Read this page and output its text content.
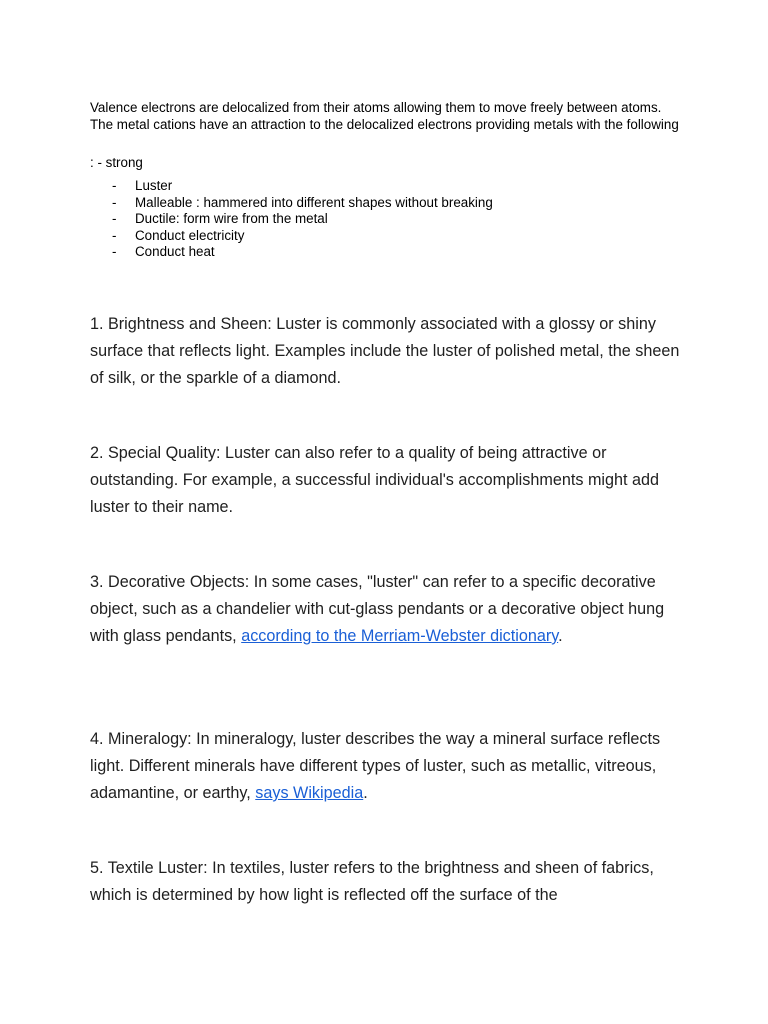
Valence electrons are delocalized from their atoms allowing them to move freely between atoms. The metal cations have an attraction to the delocalized electrons providing metals with the following

: - strong

-	Luster
-	Malleable : hammered into different shapes without breaking
-	Ductile: form wire from the metal
-	Conduct electricity
-	Conduct heat

1. Brightness and Sheen: Luster is commonly associated with a glossy or shiny surface that reflects light. Examples include the luster of polished metal, the sheen of silk, or the sparkle of a diamond.

2. Special Quality: Luster can also refer to a quality of being attractive or outstanding. For example, a successful individual's accomplishments might add luster to their name.

3. Decorative Objects: In some cases, "luster" can refer to a specific decorative object, such as a chandelier with cut-glass pendants or a decorative object hung with glass pendants, according to the Merriam-Webster dictionary.

4. Mineralogy: In mineralogy, luster describes the way a mineral surface reflects light. Different minerals have different types of luster, such as metallic, vitreous, adamantine, or earthy, says Wikipedia.

5. Textile Luster: In textiles, luster refers to the brightness and sheen of fabrics, which is determined by how light is reflected off the surface of the
